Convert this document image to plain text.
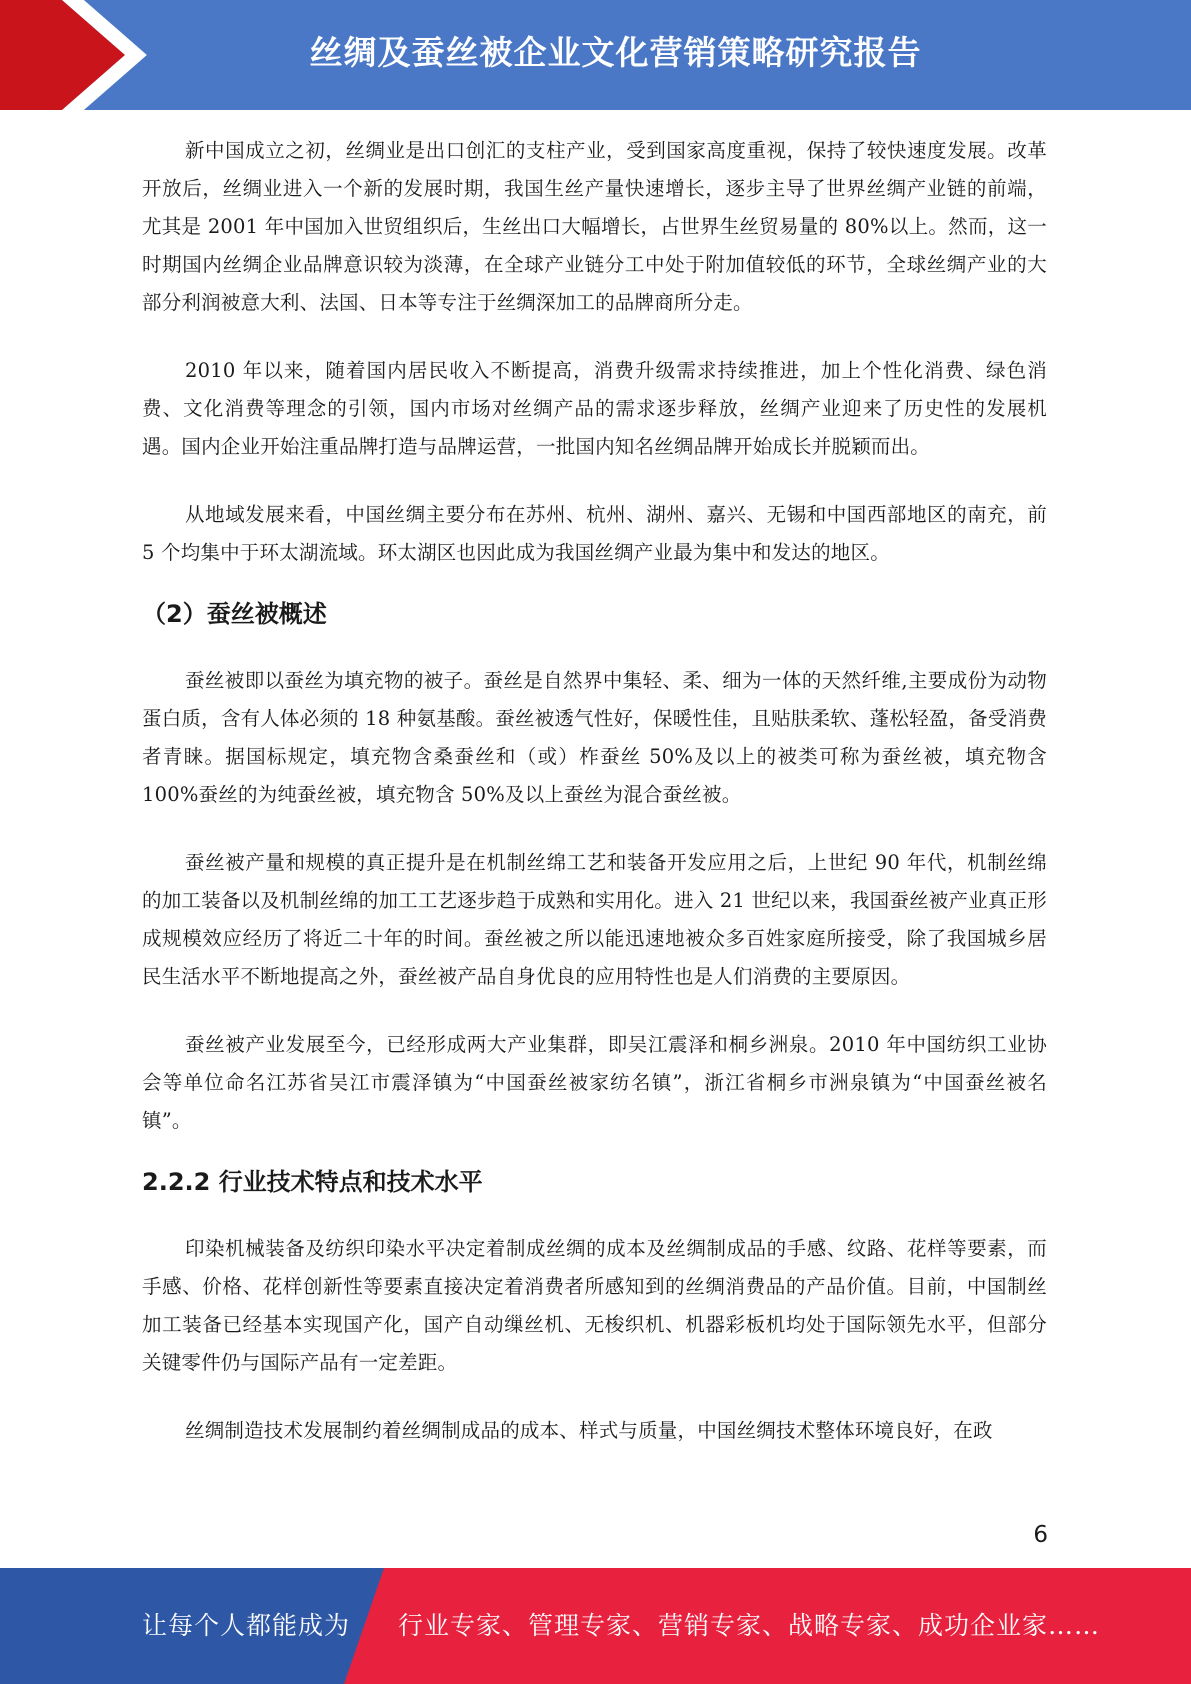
丝绸及蚕丝被企业文化营销策略研究报告

新中国成立之初，丝绸业是出口创汇的支柱产业，受到国家高度重视，保持了较快速度发展。改革开放后，丝绸业进入一个新的发展时期，我国生丝产量快速增长，逐步主导了世界丝绸产业链的前端，尤其是 2001 年中国加入世贸组织后，生丝出口大幅增长，占世界生丝贸易量的 80%以上。然而，这一时期国内丝绸企业品牌意识较为淡薄，在全球产业链分工中处于附加值较低的环节，全球丝绸产业的大部分利润被意大利、法国、日本等专注于丝绸深加工的品牌商所分走。

2010 年以来，随着国内居民收入不断提高，消费升级需求持续推进，加上个性化消费、绿色消费、文化消费等理念的引领，国内市场对丝绸产品的需求逐步释放，丝绸产业迎来了历史性的发展机遇。国内企业开始注重品牌打造与品牌运营，一批国内知名丝绸品牌开始成长并脱颖而出。

从地域发展来看，中国丝绸主要分布在苏州、杭州、湖州、嘉兴、无锡和中国西部地区的南充，前 5 个均集中于环太湖流域。环太湖区也因此成为我国丝绸产业最为集中和发达的地区。

（2）蚕丝被概述

蚕丝被即以蚕丝为填充物的被子。蚕丝是自然界中集轻、柔、细为一体的天然纤维,主要成份为动物蛋白质，含有人体必须的 18 种氨基酸。蚕丝被透气性好，保暖性佳，且贴肤柔软、蓬松轻盈，备受消费者青睐。据国标规定，填充物含桑蚕丝和（或）柞蚕丝 50%及以上的被类可称为蚕丝被，填充物含 100%蚕丝的为纯蚕丝被，填充物含 50%及以上蚕丝为混合蚕丝被。

蚕丝被产量和规模的真正提升是在机制丝绵工艺和装备开发应用之后，上世纪 90 年代，机制丝绵的加工装备以及机制丝绵的加工工艺逐步趋于成熟和实用化。进入 21 世纪以来，我国蚕丝被产业真正形成规模效应经历了将近二十年的时间。蚕丝被之所以能迅速地被众多百姓家庭所接受，除了我国城乡居民生活水平不断地提高之外，蚕丝被产品自身优良的应用特性也是人们消费的主要原因。

蚕丝被产业发展至今，已经形成两大产业集群，即吴江震泽和桐乡洲泉。2010 年中国纺织工业协会等单位命名江苏省吴江市震泽镇为“中国蚕丝被家纺名镇”，浙江省桐乡市洲泉镇为“中国蚕丝被名镇”。

2.2.2 行业技术特点和技术水平

印染机械装备及纺织印染水平决定着制成丝绸的成本及丝绸制成品的手感、纹路、花样等要素，而手感、价格、花样创新性等要素直接决定着消费者所感知到的丝绸消费品的产品价值。目前，中国制丝加工装备已经基本实现国产化，国产自动缫丝机、无梭织机、机器彩板机均处于国际领先水平，但部分关键零件仍与国际产品有一定差距。

丝绸制造技术发展制约着丝绸制成品的成本、样式与质量，中国丝绸技术整体环境良好，在政

6
让每个人都能成为 行业专家、管理专家、营销专家、战略专家、成功企业家……
